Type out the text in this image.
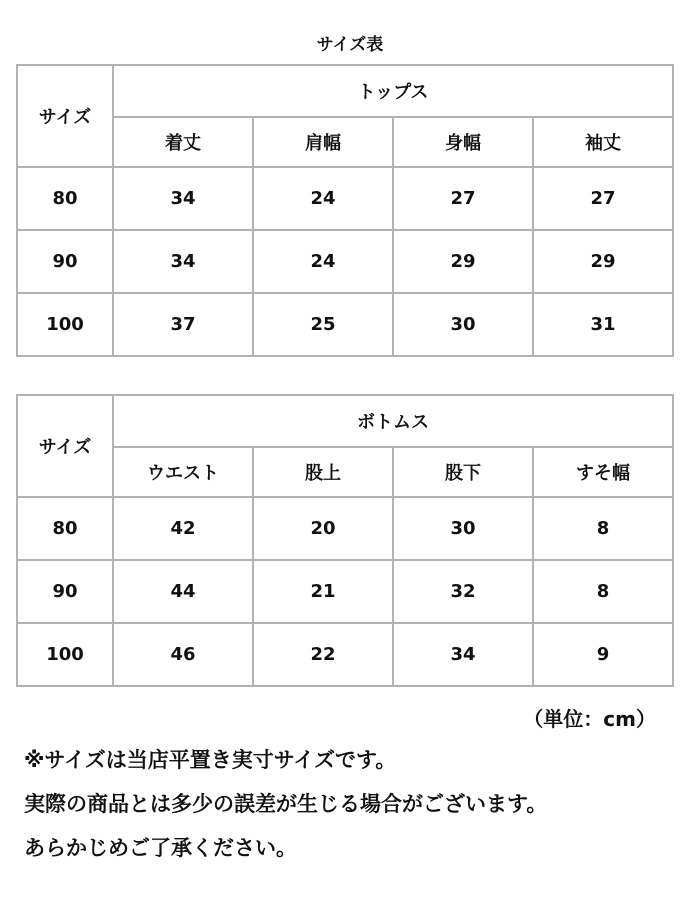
サイズ表
サイズ	トップス			
	着丈	肩幅	身幅	袖丈
80	34	24	27	27
90	34	24	29	29
100	37	25	30	31
サイズ	ボトムス			
	ウエスト	股上	股下	すそ幅
80	42	20	30	8
90	44	21	32	8
100	46	22	34	9
（単位：cm）
※サイズは当店平置き実寸サイズです。
実際の商品とは多少の誤差が生じる場合がございます。
あらかじめご了承ください。
